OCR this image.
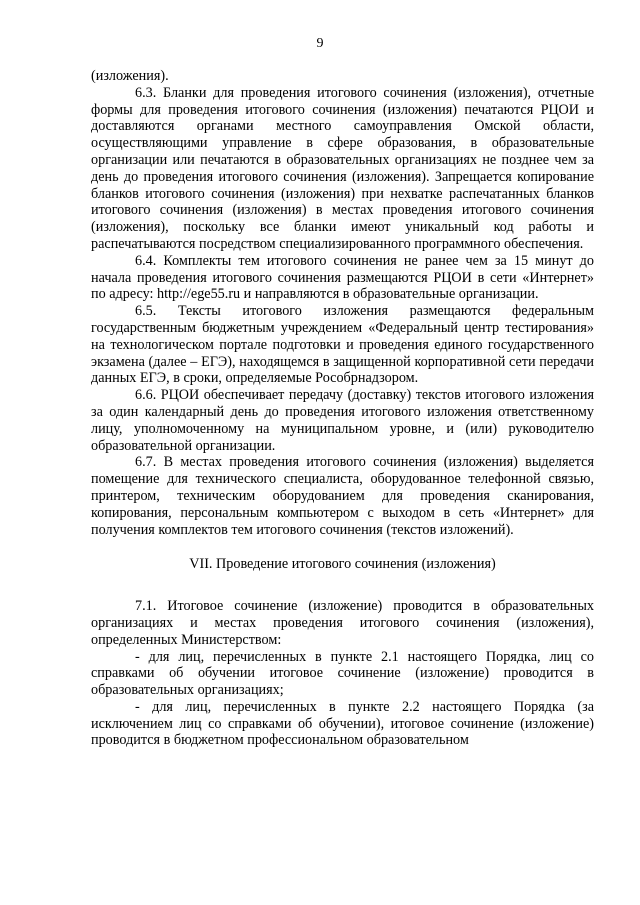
9

(изложения).

6.3. Бланки для проведения итогового сочинения (изложения), отчетные формы для проведения итогового сочинения (изложения) печатаются РЦОИ и доставляются органами местного самоуправления Омской области, осуществляющими управление в сфере образования, в образовательные организации или печатаются в образовательных организациях не позднее чем за день до проведения итогового сочинения (изложения). Запрещается копирование бланков итогового сочинения (изложения) при нехватке распечатанных бланков итогового сочинения (изложения) в местах проведения итогового сочинения (изложения), поскольку все бланки имеют уникальный код работы и распечатываются посредством специализированного программного обеспечения.

6.4. Комплекты тем итогового сочинения не ранее чем за 15 минут до начала проведения итогового сочинения размещаются РЦОИ в сети «Интернет» по адресу: http://ege55.ru и направляются в образовательные организации.

6.5. Тексты итогового изложения размещаются федеральным государственным бюджетным учреждением «Федеральный центр тестирования» на технологическом портале подготовки и проведения единого государственного экзамена (далее – ЕГЭ), находящемся в защищенной корпоративной сети передачи данных ЕГЭ, в сроки, определяемые Рособрнадзором.

6.6. РЦОИ обеспечивает передачу (доставку) текстов итогового изложения за один календарный день до проведения итогового изложения ответственному лицу, уполномоченному на муниципальном уровне, и (или) руководителю образовательной организации.

6.7. В местах проведения итогового сочинения (изложения) выделяется помещение для технического специалиста, оборудованное телефонной связью, принтером, техническим оборудованием для проведения сканирования, копирования, персональным компьютером с выходом в сеть «Интернет» для получения комплектов тем итогового сочинения (текстов изложений).

VII. Проведение итогового сочинения (изложения)

7.1. Итоговое сочинение (изложение) проводится в образовательных организациях и местах проведения итогового сочинения (изложения), определенных Министерством:

- для лиц, перечисленных в пункте 2.1 настоящего Порядка, лиц со справками об обучении итоговое сочинение (изложение) проводится в образовательных организациях;

- для лиц, перечисленных в пункте 2.2 настоящего Порядка (за исключением лиц со справками об обучении), итоговое сочинение (изложение) проводится в бюджетном профессиональном образовательном
